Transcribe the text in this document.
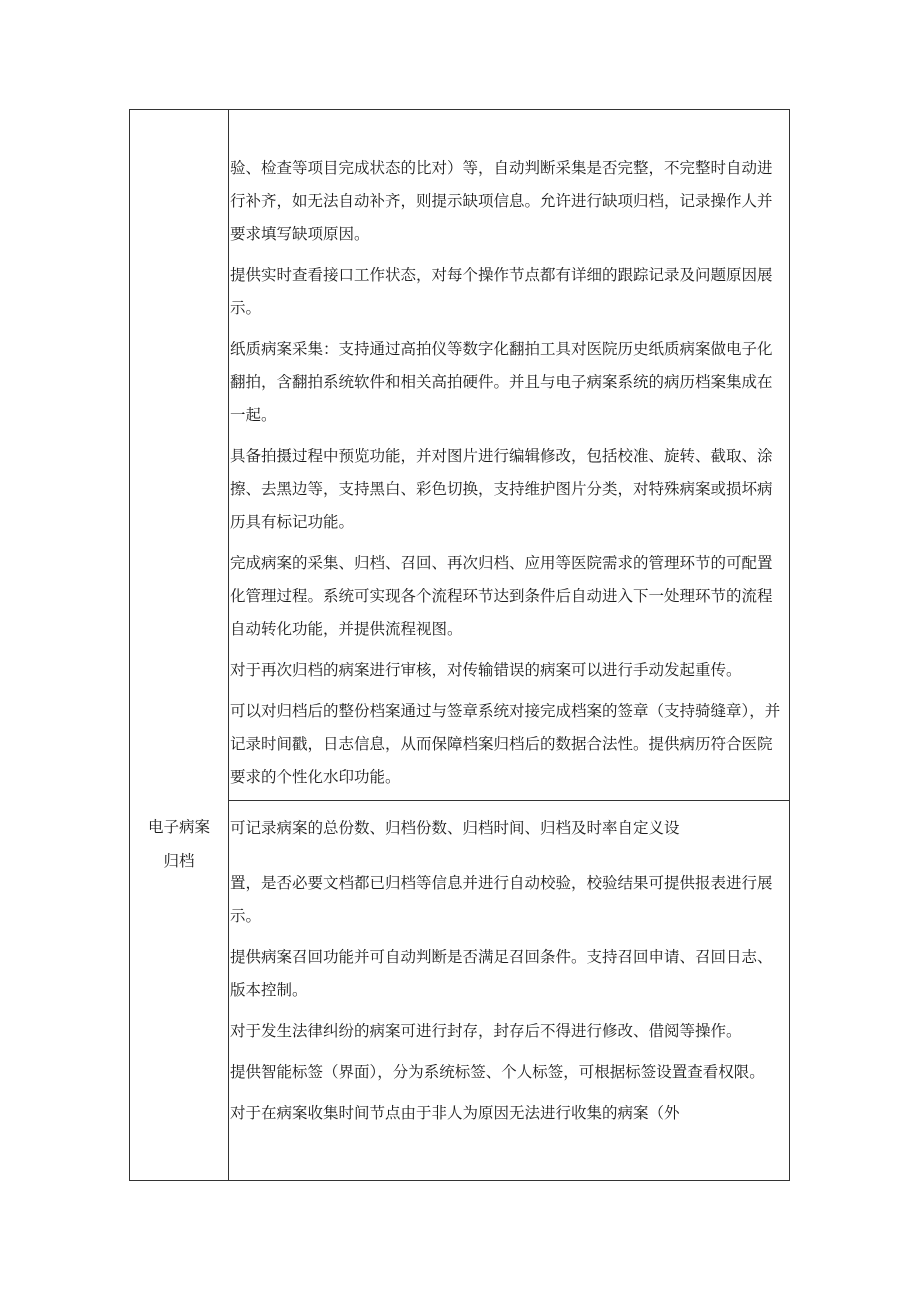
验、检查等项目完成状态的比对）等，自动判断采集是否完整，不完整时自动进行补齐，如无法自动补齐，则提示缺项信息。允许进行缺项归档，记录操作人并要求填写缺项原因。

提供实时查看接口工作状态，对每个操作节点都有详细的跟踪记录及问题原因展示。

纸质病案采集：支持通过高拍仪等数字化翻拍工具对医院历史纸质病案做电子化翻拍，含翻拍系统软件和相关高拍硬件。并且与电子病案系统的病历档案集成在一起。

具备拍摄过程中预览功能，并对图片进行编辑修改，包括校准、旋转、截取、涂擦、去黑边等，支持黑白、彩色切换，支持维护图片分类，对特殊病案或损坏病历具有标记功能。

完成病案的采集、归档、召回、再次归档、应用等医院需求的管理环节的可配置化管理过程。系统可实现各个流程环节达到条件后自动进入下一处理环节的流程自动转化功能，并提供流程视图。

对于再次归档的病案进行审核，对传输错误的病案可以进行手动发起重传。

可以对归档后的整份档案通过与签章系统对接完成档案的签章（支持骑缝章），并记录时间戳，日志信息，从而保障档案归档后的数据合法性。提供病历符合医院要求的个性化水印功能。

电子病案
归档

可记录病案的总份数、归档份数、归档时间、归档及时率自定义设

置，是否必要文档都已归档等信息并进行自动校验，校验结果可提供报表进行展示。

提供病案召回功能并可自动判断是否满足召回条件。支持召回申请、召回日志、版本控制。

对于发生法律纠纷的病案可进行封存，封存后不得进行修改、借阅等操作。

提供智能标签（界面），分为系统标签、个人标签，可根据标签设置查看权限。

对于在病案收集时间节点由于非人为原因无法进行收集的病案（外
